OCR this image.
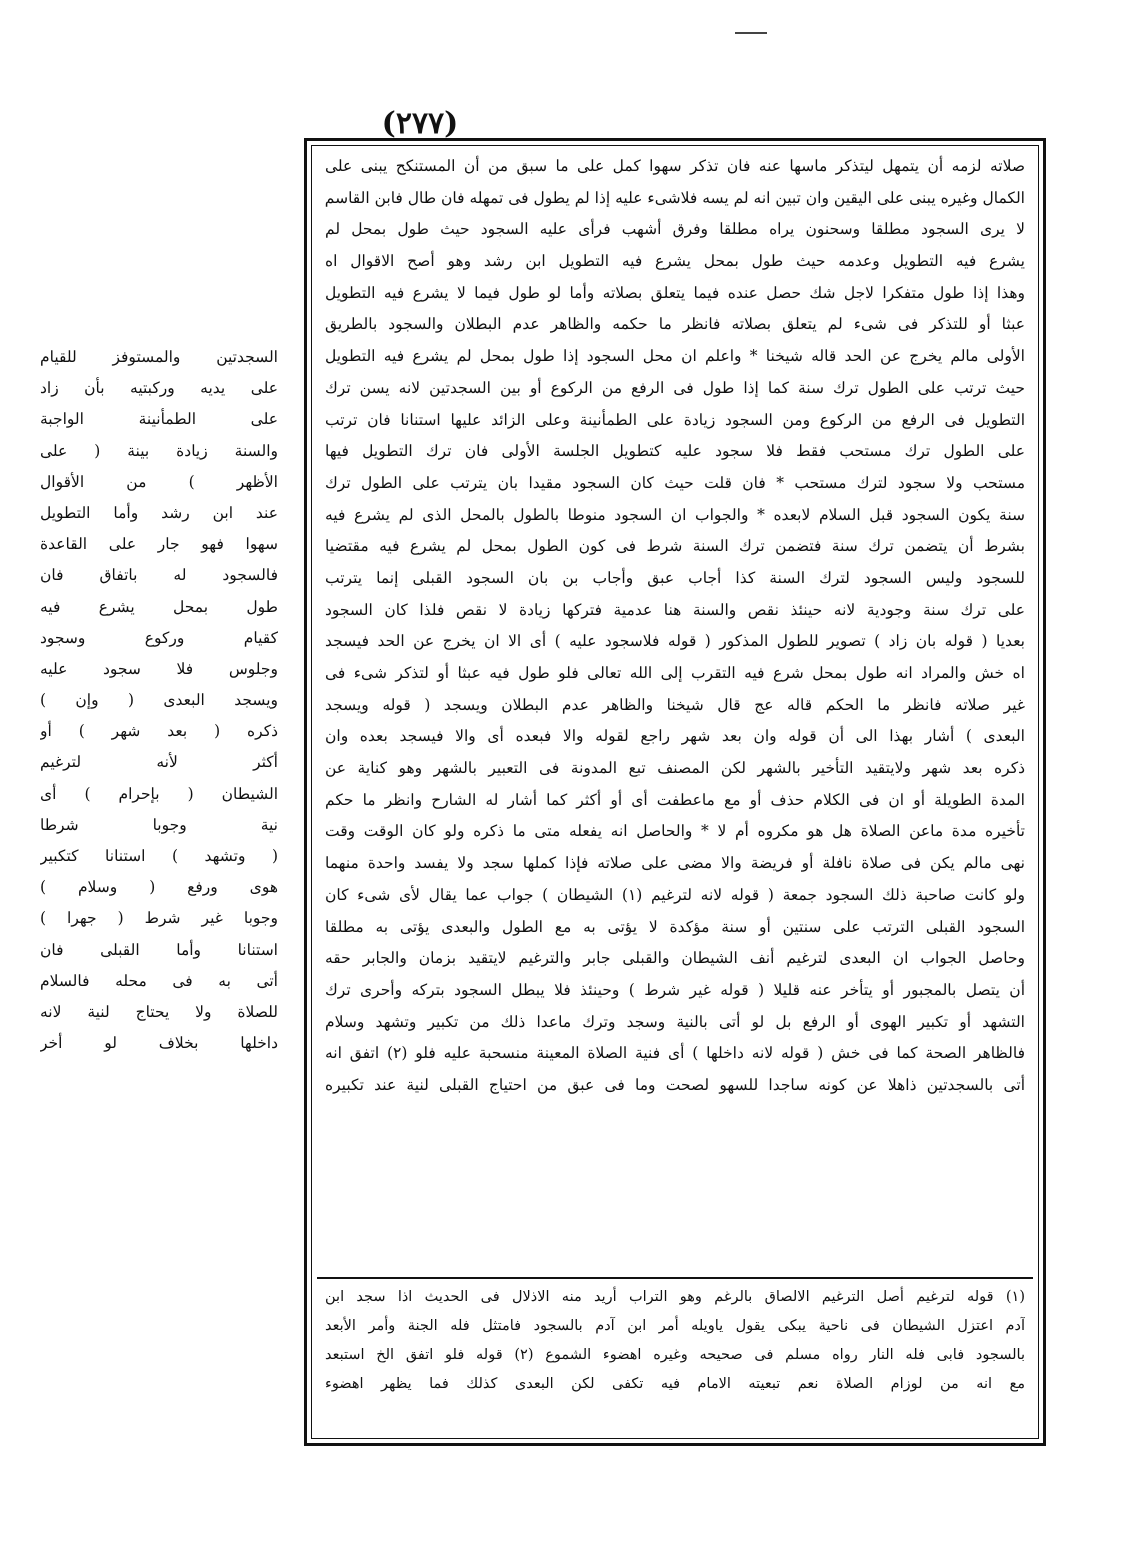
(٢٧٧)
السجدتين والمستوفز للقيام
على يديه وركبتيه بأن زاد
على الطمأنينة الواجبة
والسنة زيادة بينة ( على
الأظهر ) من الأقوال
عند ابن رشد وأما التطويل
سهوا فهو جار على القاعدة
فالسجود له باتفاق فان
طول بمحل يشرع فيه
كقيام وركوع وسجود
وجلوس فلا سجود عليه
ويسجد البعدى ( وإن )
ذكره ( بعد شهر ) أو
أكثر لأنه لترغيم
الشيطان ( بإحرام ) أى
نية وجوبا شرطا
( وتشهد ) استنانا كتكبير
هوى ورفع ( وسلام )
وجوبا غير شرط ( جهرا )
استنانا وأما القبلى فان
أتى به فى محله فالسلام
للصلاة ولا يحتاج لنية لانه
داخلها بخلاف لو أخر
صلاته لزمه أن يتمهل ليتذكر ماسها عنه فان تذكر سهوا كمل على ما سبق من أن المستنكح يبنى على
الكمال وغيره يبنى على اليقين وان تبين انه لم يسه فلاشىء عليه إذا لم يطول فى تمهله فان طال فابن القاسم
لا يرى السجود مطلقا وسحنون يراه مطلقا وفرق أشهب فرأى عليه السجود حيث طول بمحل لم
يشرع فيه التطويل وعدمه حيث طول بمحل يشرع فيه التطويل ابن رشد وهو أصح الاقوال اه
وهذا إذا طول متفكرا لاجل شك حصل عنده فيما يتعلق بصلاته وأما لو طول فيما لا يشرع فيه التطويل
عبثا أو للتذكر فى شىء لم يتعلق بصلاته فانظر ما حكمه والظاهر عدم البطلان والسجود بالطريق
الأولى مالم يخرج عن الحد قاله شيخنا * واعلم ان محل السجود إذا طول بمحل لم يشرع فيه التطويل
حيث ترتب على الطول ترك سنة كما إذا طول فى الرفع من الركوع أو بين السجدتين لانه يسن ترك
التطويل فى الرفع من الركوع ومن السجود زيادة على الطمأنينة وعلى الزائد عليها استنانا فان ترتب
على الطول ترك مستحب فقط فلا سجود عليه كتطويل الجلسة الأولى فان ترك التطويل فيها
مستحب ولا سجود لترك مستحب * فان قلت حيث كان السجود مقيدا بان يترتب على الطول ترك
سنة يكون السجود قبل السلام لابعده * والجواب ان السجود منوطا بالطول بالمحل الذى لم يشرع فيه
بشرط أن يتضمن ترك سنة فتضمن ترك السنة شرط فى كون الطول بمحل لم يشرع فيه مقتضيا
للسجود وليس السجود لترك السنة كذا أجاب عبق وأجاب بن بان السجود القبلى إنما يترتب
على ترك سنة وجودية لانه حينئذ نقص والسنة هنا عدمية فتركها زيادة لا نقص فلذا كان السجود
بعديا ( قوله بان زاد ) تصوير للطول المذكور ( قوله فلاسجود عليه ) أى الا ان يخرج عن الحد فيسجد
اه خش والمراد انه طول بمحل شرع فيه التقرب إلى الله تعالى فلو طول فيه عبثا أو لتذكر شىء فى
غير صلاته فانظر ما الحكم قاله عج قال شيخنا والظاهر عدم البطلان ويسجد ( قوله ويسجد
البعدى ) أشار بهذا الى أن قوله وان بعد شهر راجع لقوله والا فبعده أى والا فيسجد بعده وان
ذكره بعد شهر ولايتقيد التأخير بالشهر لكن المصنف تبع المدونة فى التعبير بالشهر وهو كناية عن
المدة الطويلة أو ان فى الكلام حذف أو مع ماعطفت أى أو أكثر كما أشار له الشارح وانظر ما حكم
تأخيره مدة ماعن الصلاة هل هو مكروه أم لا * والحاصل انه يفعله متى ما ذكره ولو كان الوقت وقت
نهى مالم يكن فى صلاة نافلة أو فريضة والا مضى على صلاته فإذا كملها سجد ولا يفسد واحدة منهما
ولو كانت صاحبة ذلك السجود جمعة ( قوله لانه لترغيم (١) الشيطان ) جواب عما يقال لأى شىء كان
السجود القبلى الترتب على سنتين أو سنة مؤكدة لا يؤتى به مع الطول والبعدى يؤتى به مطلقا
وحاصل الجواب ان البعدى لترغيم أنف الشيطان والقبلى جابر والترغيم لايتقيد بزمان والجابر حقه
أن يتصل بالمجبور أو يتأخر عنه قليلا ( قوله غير شرط ) وحينئذ فلا يبطل السجود بتركه وأحرى ترك
التشهد أو تكبير الهوى أو الرفع بل لو أتى بالنية وسجد وترك ماعدا ذلك من تكبير وتشهد وسلام
فالظاهر الصحة كما فى خش ( قوله لانه داخلها ) أى فنية الصلاة المعينة منسحبة عليه فلو (٢) اتفق انه
أتى بالسجدتين ذاهلا عن كونه ساجدا للسهو لصحت وما فى عبق من احتياج القبلى لنية عند تكبيره
(١) قوله لترغيم أصل الترغيم الالصاق بالرغم وهو التراب أريد منه الاذلال فى الحديث اذا سجد ابن
آدم اعتزل الشيطان فى ناحية يبكى يقول ياويله أمر ابن آدم بالسجود فامتثل فله الجنة وأمر الأبعد
بالسجود فابى فله النار رواه مسلم فى صحيحه وغيره اهضوء الشموع (٢) قوله فلو اتفق الخ استبعد
مع انه من لوزام الصلاة نعم تبعيته الامام فيه تكفى لكن البعدى كذلك فما يظهر اهضوء
